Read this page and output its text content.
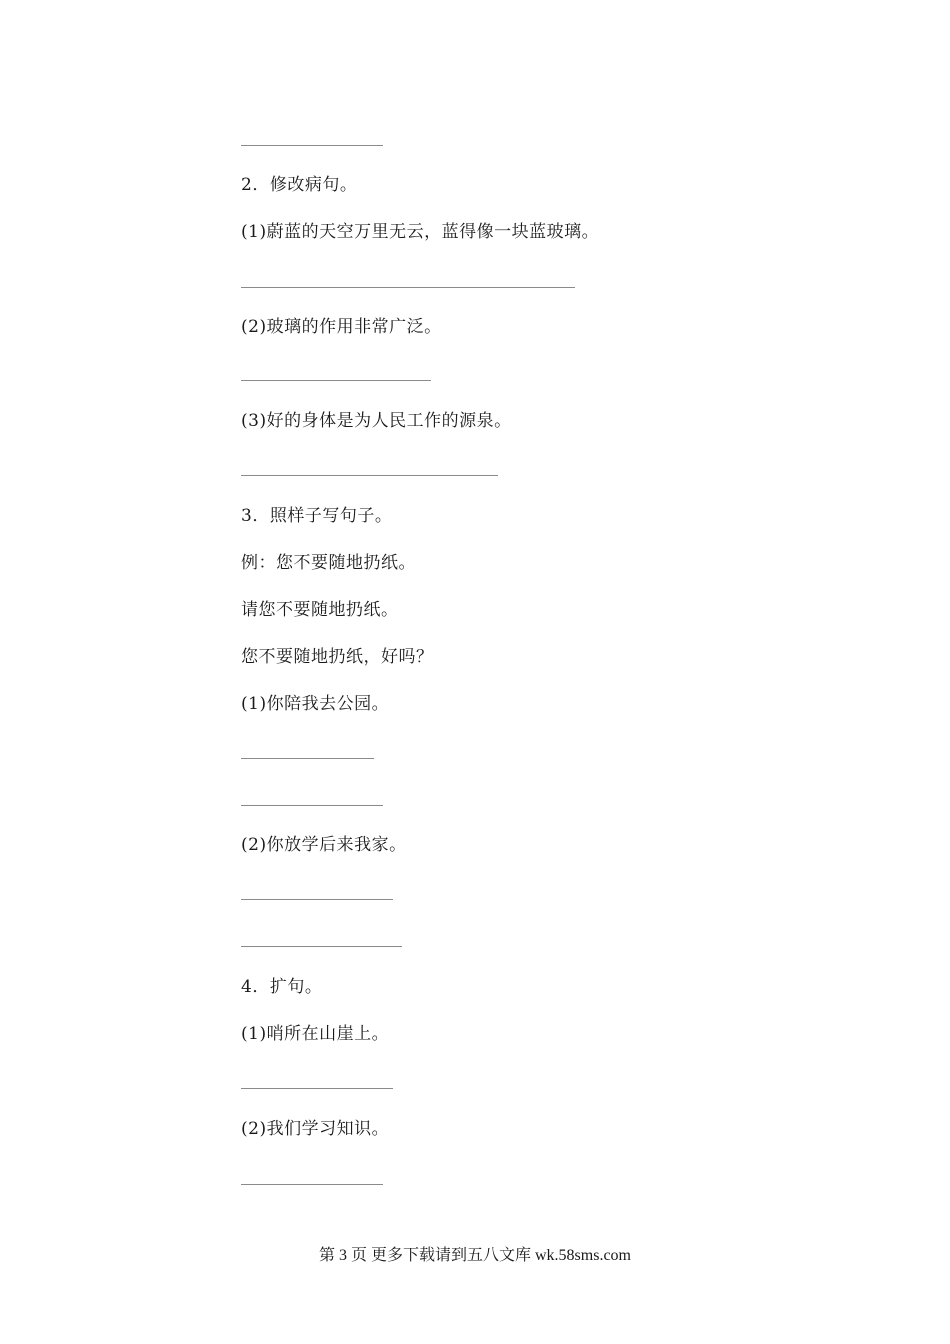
2．修改病句。
(1)蔚蓝的天空万里无云，蓝得像一块蓝玻璃。
(2)玻璃的作用非常广泛。
(3)好的身体是为人民工作的源泉。
3．照样子写句子。
例：您不要随地扔纸。
请您不要随地扔纸。
您不要随地扔纸，好吗？
(1)你陪我去公园。
(2)你放学后来我家。
4．扩句。
(1)哨所在山崖上。
(2)我们学习知识。
第 3 页 更多下载请到五八文库 wk.58sms.com
